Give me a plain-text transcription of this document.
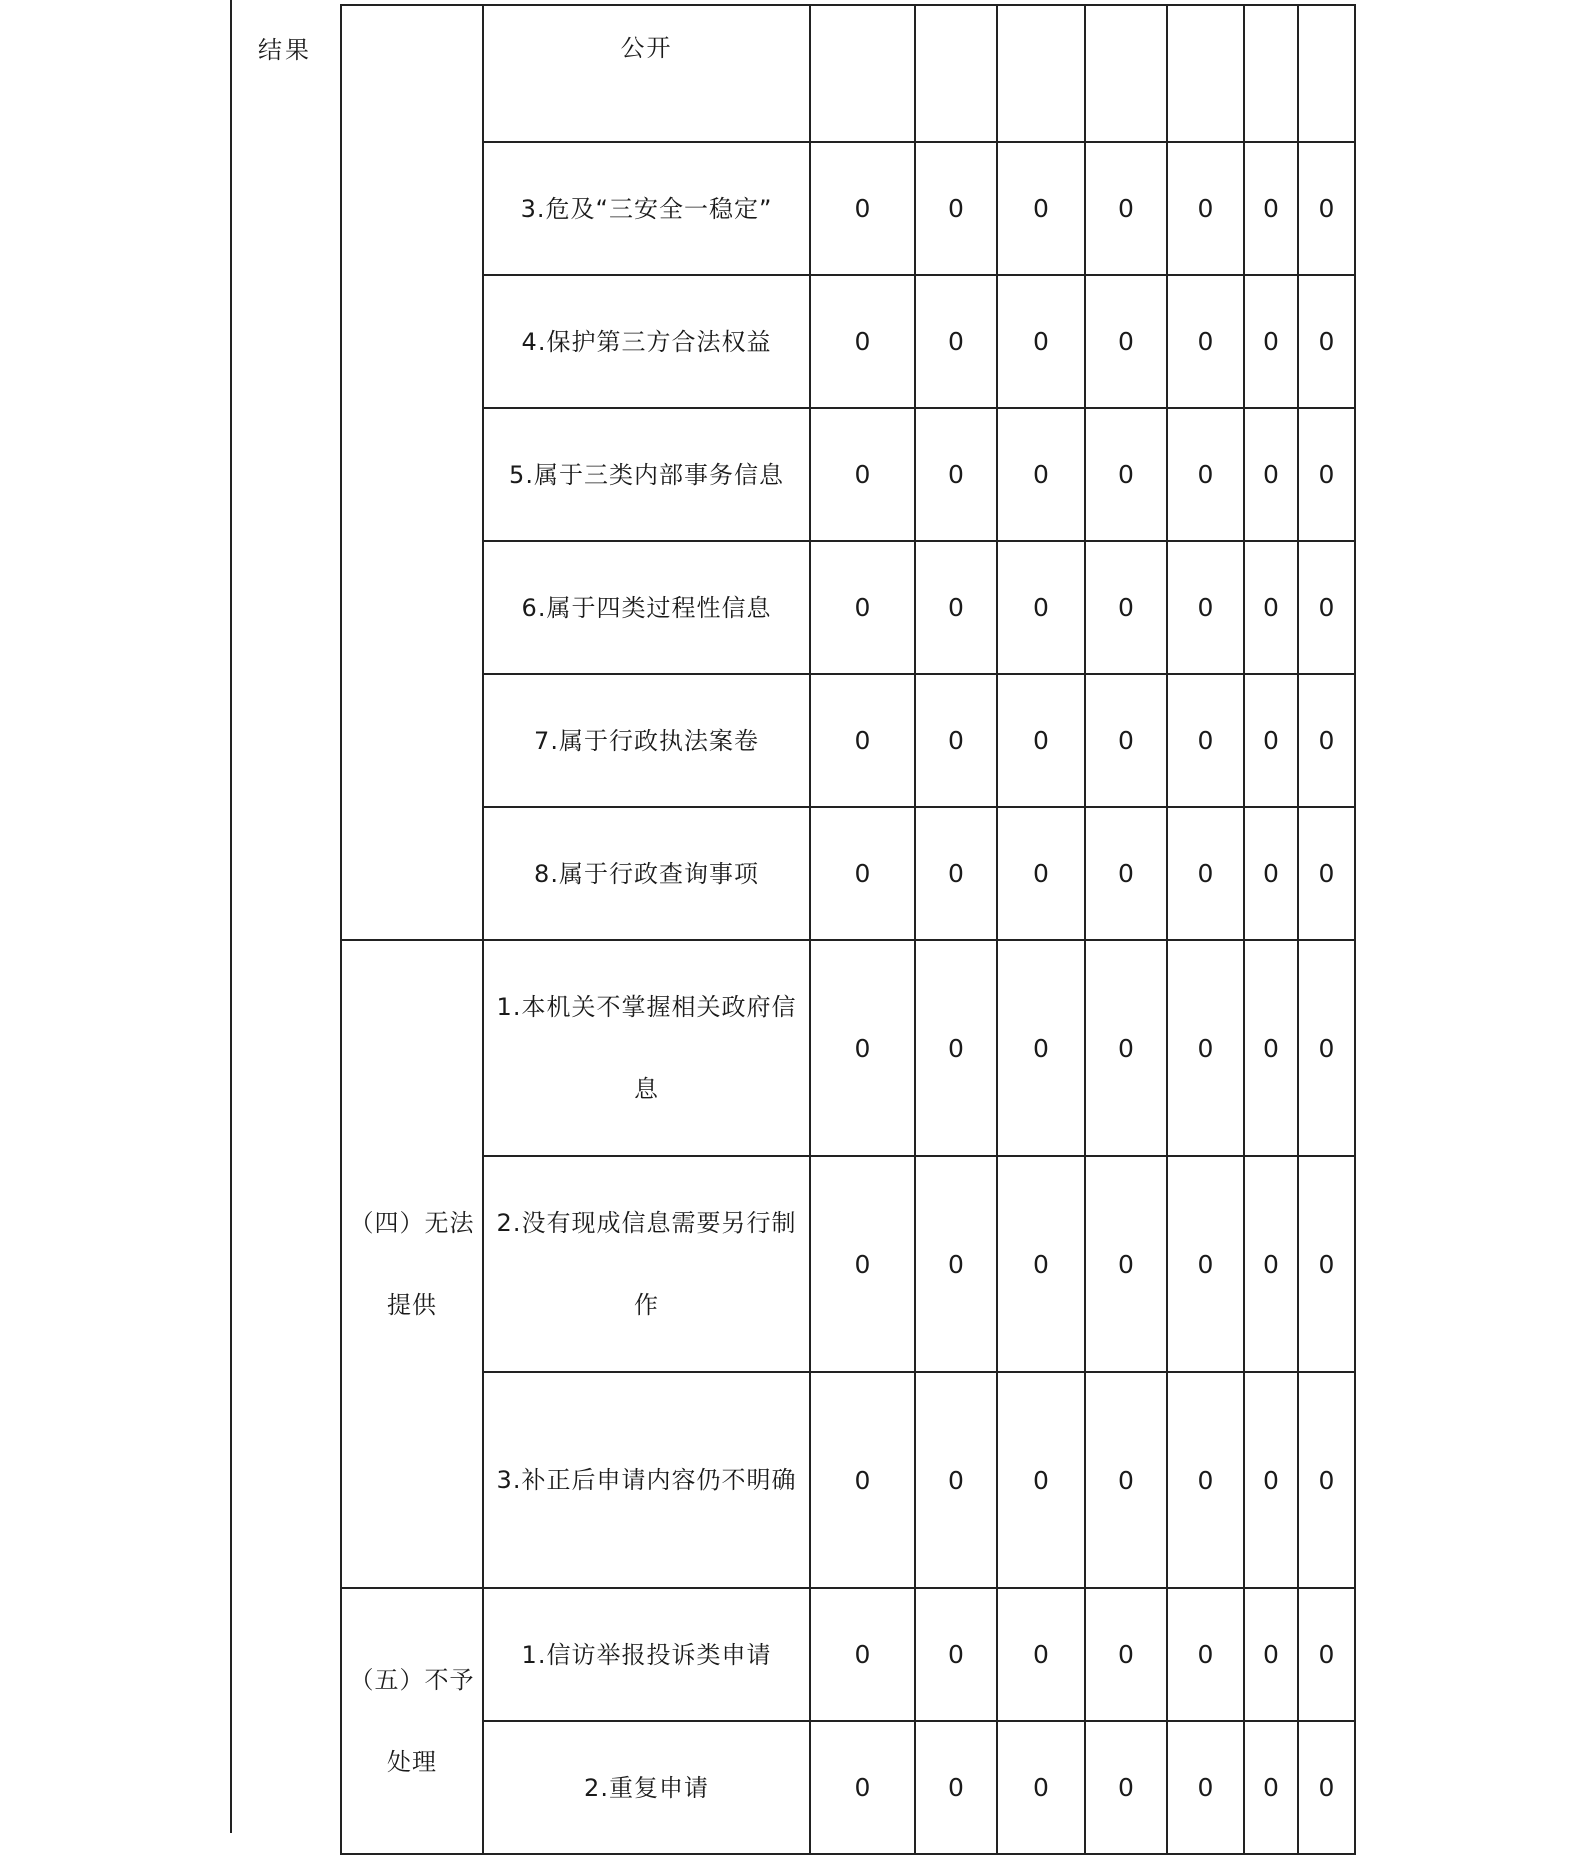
结果
		公开							
	3.危及“三安全一稳定”	0	0	0	0	0	0	0
	4.保护第三方合法权益	0	0	0	0	0	0	0
	5.属于三类内部事务信息	0	0	0	0	0	0	0
	6.属于四类过程性信息	0	0	0	0	0	0	0
	7.属于行政执法案卷	0	0	0	0	0	0	0
	8.属于行政查询事项	0	0	0	0	0	0	0
（四）无法提供	1.本机关不掌握相关政府信息	0	0	0	0	0	0	0
	2.没有现成信息需要另行制作	0	0	0	0	0	0	0
	3.补正后申请内容仍不明确	0	0	0	0	0	0	0
（五）不予处理	1.信访举报投诉类申请	0	0	0	0	0	0	0
	2.重复申请	0	0	0	0	0	0	0
